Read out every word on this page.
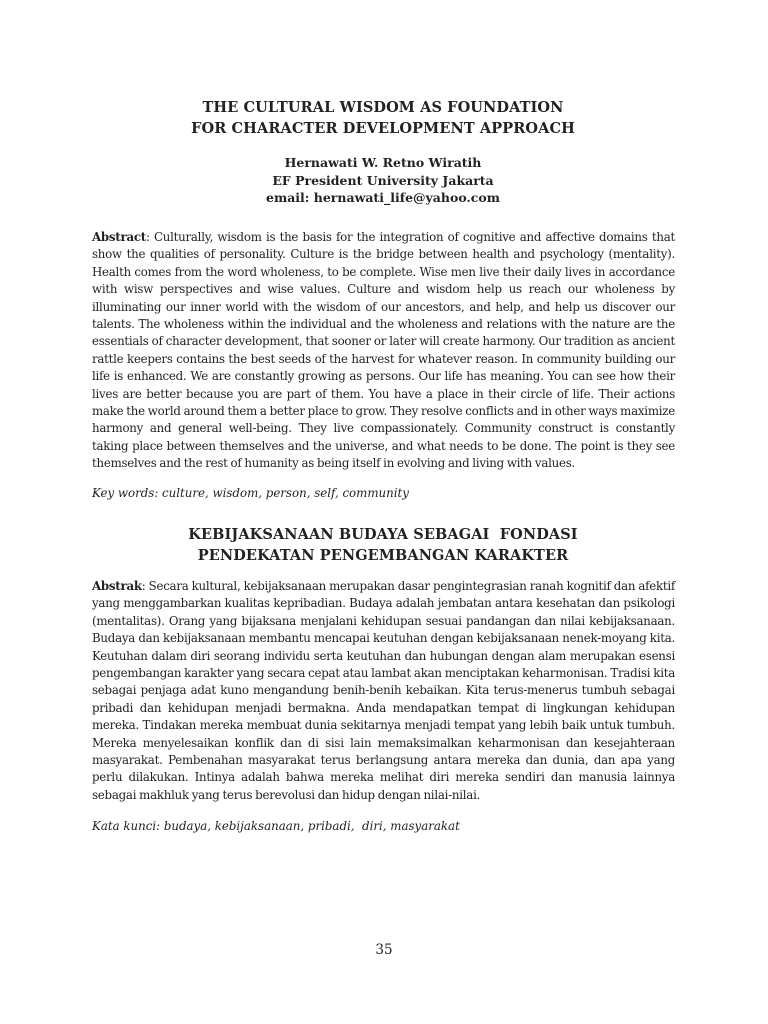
THE CULTURAL WISDOM AS FOUNDATION
FOR CHARACTER DEVELOPMENT APPROACH
Hernawati W. Retno Wiratih
EF President University Jakarta
email: hernawati_life@yahoo.com
Abstract: Culturally, wisdom is the basis for the integration of cognitive and affective domains that show the qualities of personality. Culture is the bridge between health and psychology (mentality). Health comes from the word wholeness, to be complete. Wise men live their daily lives in accordance with wisw perspectives and wise values. Culture and wisdom help us reach our wholeness by illuminating our inner world with the wisdom of our ancestors, and help, and help us discover our talents. The wholeness within the individual and the wholeness and relations with the nature are the essentials of character development, that sooner or later will create harmony. Our tradition as ancient rattle keepers contains the best seeds of the harvest for whatever reason. In community building our life is enhanced. We are constantly growing as persons. Our life has meaning. You can see how their lives are better because you are part of them. You have a place in their circle of life. Their actions make the world around them a better place to grow. They resolve conflicts and in other ways maximize harmony and general well-being. They live compassionately. Community construct is constantly taking place between themselves and the universe, and what needs to be done. The point is they see themselves and the rest of humanity as being itself in evolving and living with values.
Key words: culture, wisdom, person, self, community
KEBIJAKSANAAN BUDAYA SEBAGAI  FONDASI
PENDEKATAN PENGEMBANGAN KARAKTER
Abstrak: Secara kultural, kebijaksanaan merupakan dasar pengintegrasian ranah kognitif dan afektif yang menggambarkan kualitas kepribadian. Budaya adalah jembatan antara kesehatan dan psikologi (mentalitas). Orang yang bijaksana menjalani kehidupan sesuai pandangan dan nilai kebijaksanaan. Budaya dan kebijaksanaan membantu mencapai keutuhan dengan kebijaksanaan nenek-moyang kita. Keutuhan dalam diri seorang individu serta keutuhan dan hubungan dengan alam merupakan esensi pengembangan karakter yang secara cepat atau lambat akan menciptakan keharmonisan. Tradisi kita sebagai penjaga adat kuno mengandung benih-benih kebaikan. Kita terus-menerus tumbuh sebagai pribadi dan kehidupan menjadi bermakna. Anda mendapatkan tempat di lingkungan kehidupan mereka. Tindakan mereka membuat dunia sekitarnya menjadi tempat yang lebih baik untuk tumbuh. Mereka menyelesaikan konflik dan di sisi lain memaksimalkan keharmonisan dan kesejahteraan masyarakat. Pembenahan masyarakat terus berlangsung antara mereka dan dunia, dan apa yang perlu dilakukan. Intinya adalah bahwa mereka melihat diri mereka sendiri dan manusia lainnya sebagai makhluk yang terus berevolusi dan hidup dengan nilai-nilai.
Kata kunci: budaya, kebijaksanaan, pribadi,  diri, masyarakat
35
